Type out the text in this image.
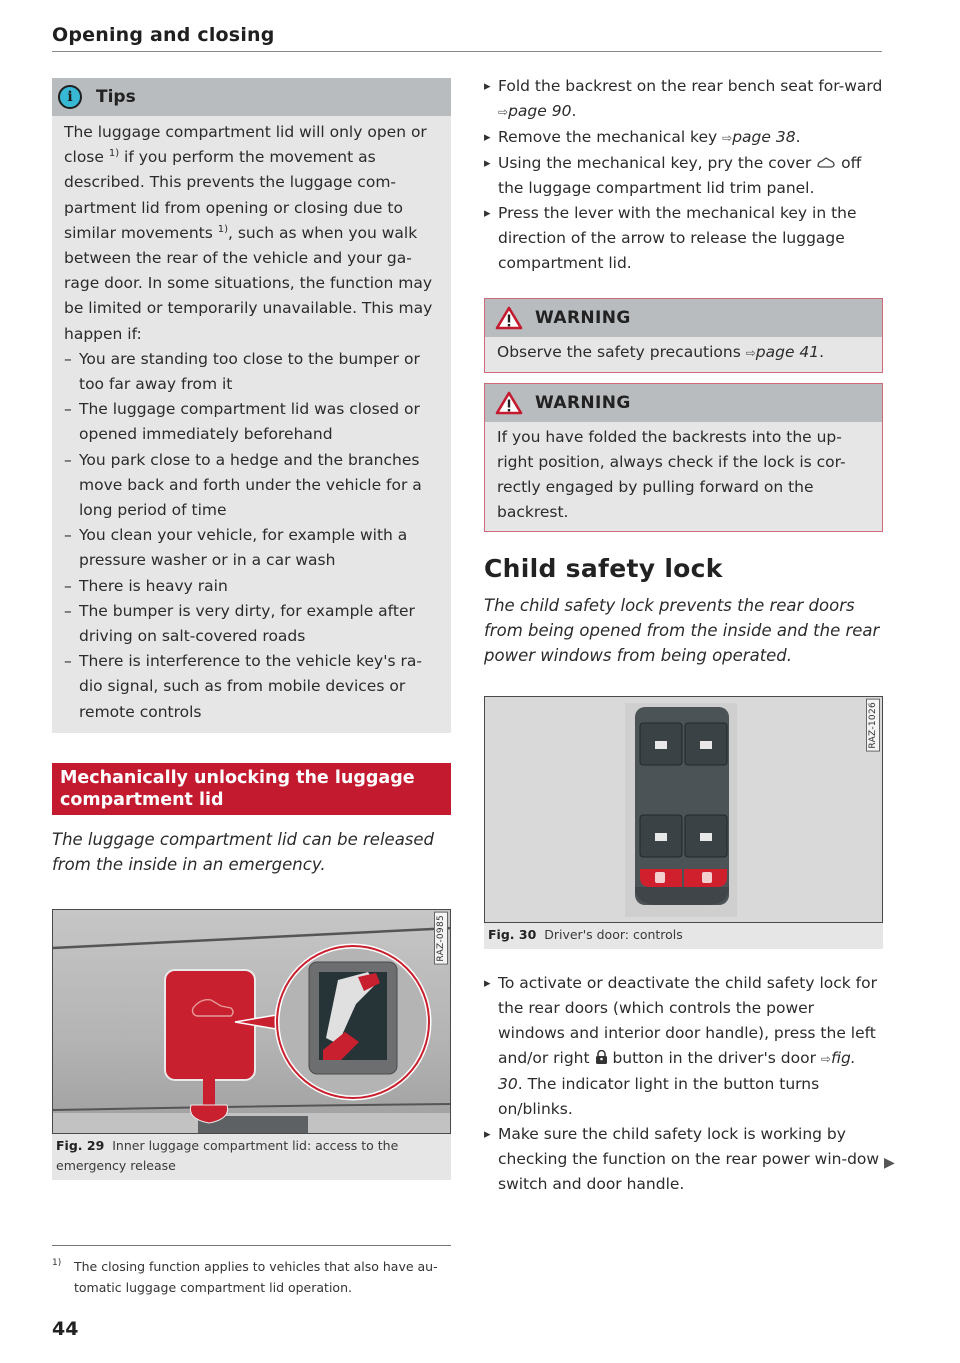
Opening and closing
i	Tips

The luggage compartment lid will only open or close $^{1)}$ if you perform the movement as described. This prevents the luggage com-partment lid from opening or closing due to similar movements $^{1)}$, such as when you walk between the rear of the vehicle and your ga-rage door. In some situations, the function may be limited or temporarily unavailable. This may happen if:

– You are standing too close to the bumper or too far away from it
– The luggage compartment lid was closed or opened immediately beforehand
– You park close to a hedge and the branches move back and forth under the vehicle for a long period of time
– You clean your vehicle, for example with a pressure washer or in a car wash
– There is heavy rain
– The bumper is very dirty, for example after driving on salt-covered roads
– There is interference to the vehicle key's ra-dio signal, such as from mobile devices or remote controls
Mechanically unlocking the luggage compartment lid
The luggage compartment lid can be released from the inside in an emergency.
RAZ-0985
Fig. 29 Inner luggage compartment lid: access to the emergency release
1) The closing function applies to vehicles that also have au-tomatic luggage compartment lid operation.
44
▸ Fold the backrest on the rear bench seat for-ward ⇨page 90.
▸ Remove the mechanical key ⇨page 38.
▸ Using the mechanical key, pry the cover  off the luggage compartment lid trim panel.
▸ Press the lever with the mechanical key in the direction of the arrow to release the luggage compartment lid.
WARNING
Observe the safety precautions ⇨page 41.
WARNING
If you have folded the backrests into the up-right position, always check if the lock is cor-rectly engaged by pulling forward on the backrest.
Child safety lock
The child safety lock prevents the rear doors from being opened from the inside and the rear power windows from being operated.
RAZ-1026
Fig. 30 Driver's door: controls
▸ To activate or deactivate the child safety lock for the rear doors (which controls the power windows and interior door handle), press the left and/or right  button in the driver's door ⇨fig. 30. The indicator light in the button turns on/blinks.
▸ Make sure the child safety lock is working by checking the function on the rear power win-dow switch and door handle.
▶
